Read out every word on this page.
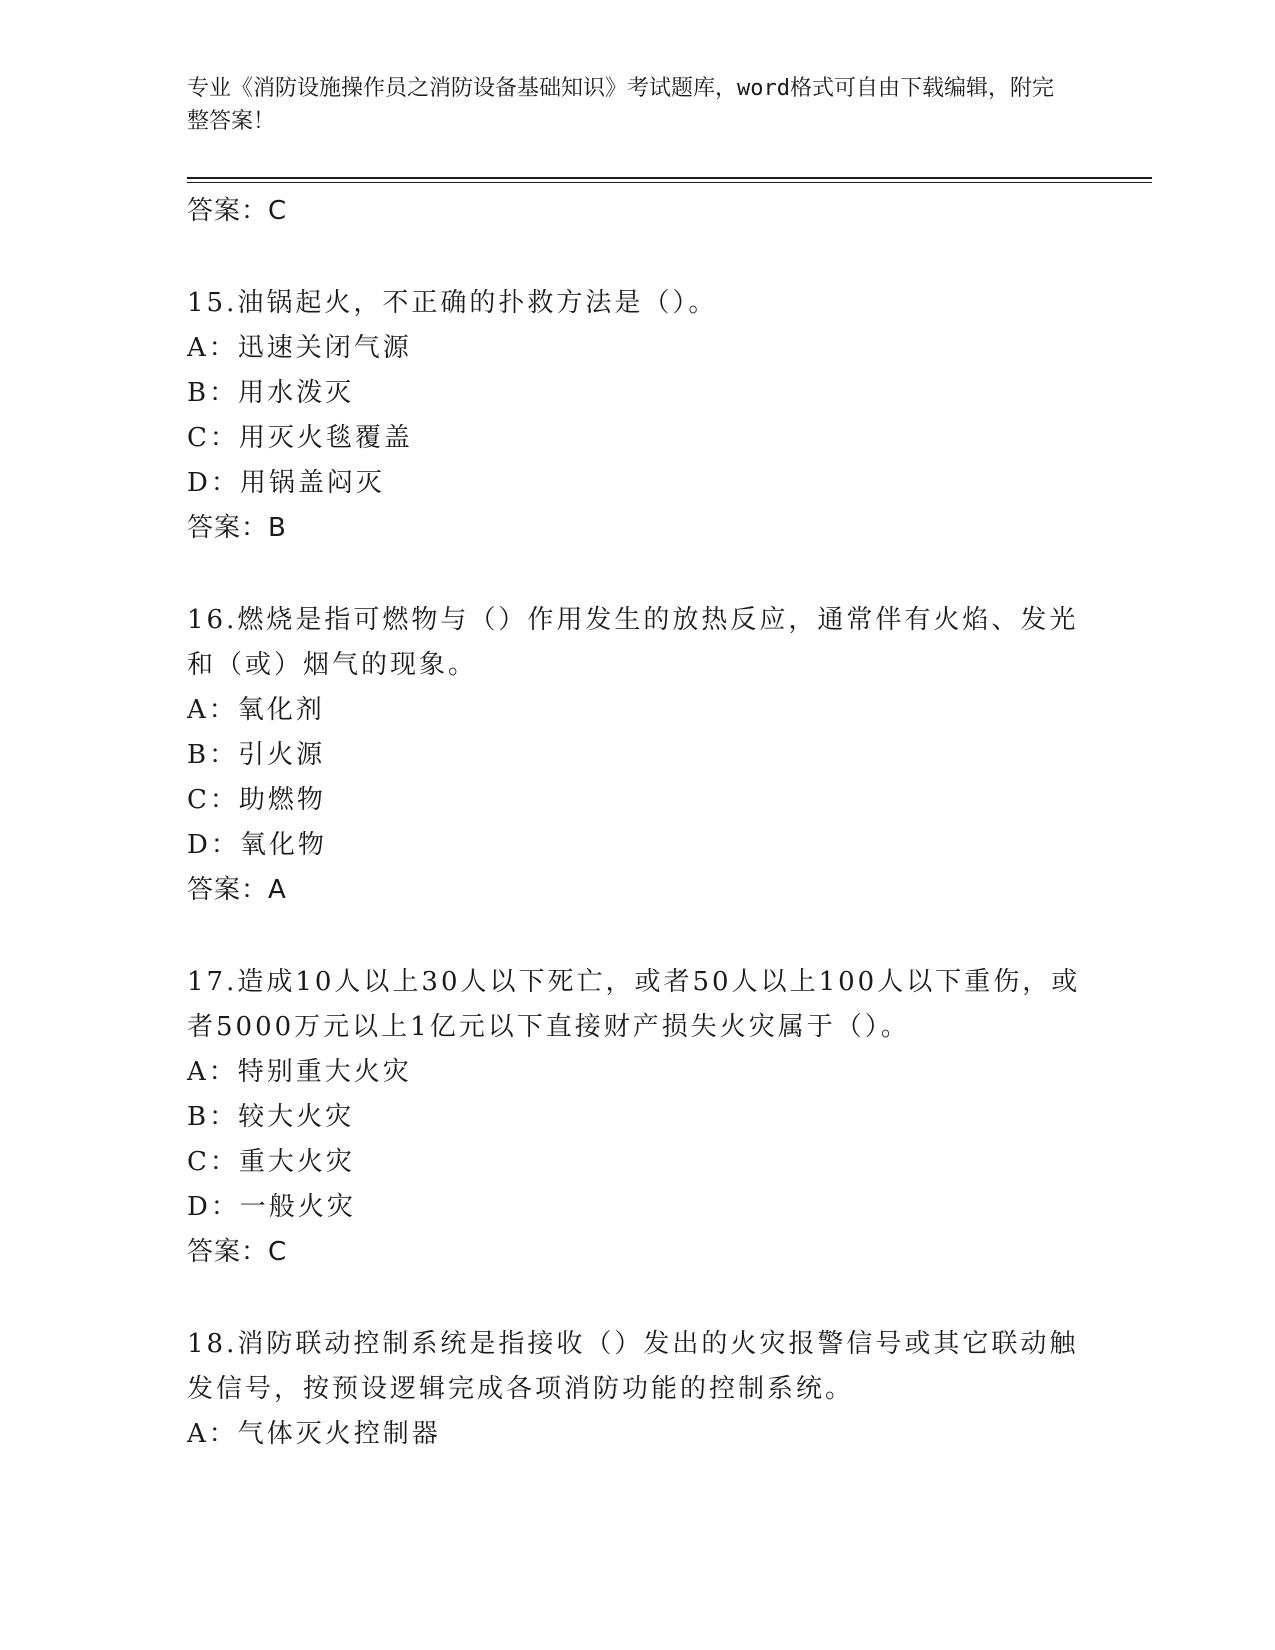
专业《消防设施操作员之消防设备基础知识》考试题库，word格式可自由下载编辑，附完整答案！
答案：C
15.油锅起火，不正确的扑救方法是（）。
A：迅速关闭气源
B：用水泼灭
C：用灭火毯覆盖
D：用锅盖闷灭
答案：B
16.燃烧是指可燃物与（）作用发生的放热反应，通常伴有火焰、发光和（或）烟气的现象。
A：氧化剂
B：引火源
C：助燃物
D：氧化物
答案：A
17.造成10人以上30人以下死亡，或者50人以上100人以下重伤，或者5000万元以上1亿元以下直接财产损失火灾属于（）。
A：特别重大火灾
B：较大火灾
C：重大火灾
D：一般火灾
答案：C
18.消防联动控制系统是指接收（）发出的火灾报警信号或其它联动触发信号，按预设逻辑完成各项消防功能的控制系统。
A：气体灭火控制器
